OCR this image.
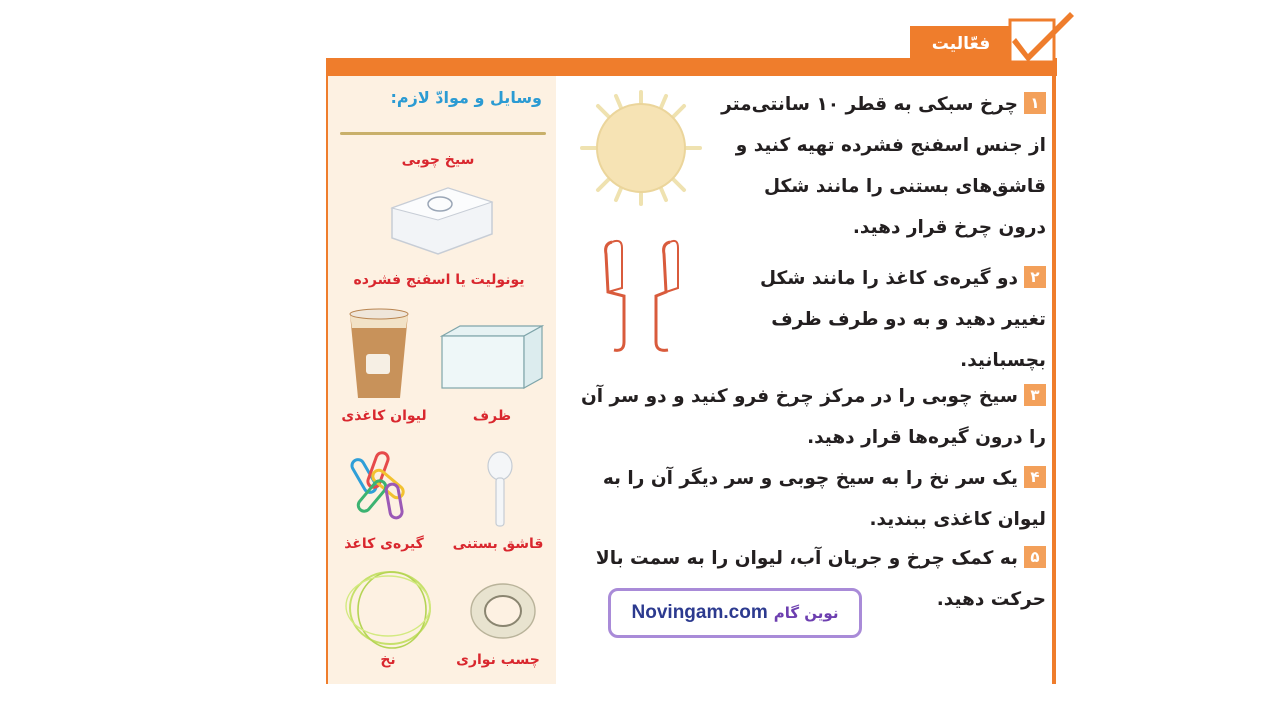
فعّالیت
وسایل و موادّ لازم:
سیخ چوبی
یونولیت یا اسفنج فشرده
لیوان کاغذی	ظرف
گیره‌ی کاغذ	قاشق بستنی
نخ	چسب نواری
۱چرخ سبکی به قطر ۱۰ سانتی‌متر از جنس اسفنج فشرده تهیه کنید و قاشق‌های بستنی را مانند شکل درون چرخ قرار دهید.
۲دو گیره‌ی کاغذ را مانند شکل تغییر دهید و به دو طرف ظرف بچسبانید.
۳سیخ چوبی را در مرکز چرخ فرو کنید و دو سر آن را درون گیره‌ها قرار دهید.
۴یک سر نخ را به سیخ چوبی و سر دیگر آن را به لیوان کاغذی ببندید.
۵به کمک چرخ و جریان آب، لیوان را به سمت بالا حرکت دهید.
Novingam.com نوین گام
